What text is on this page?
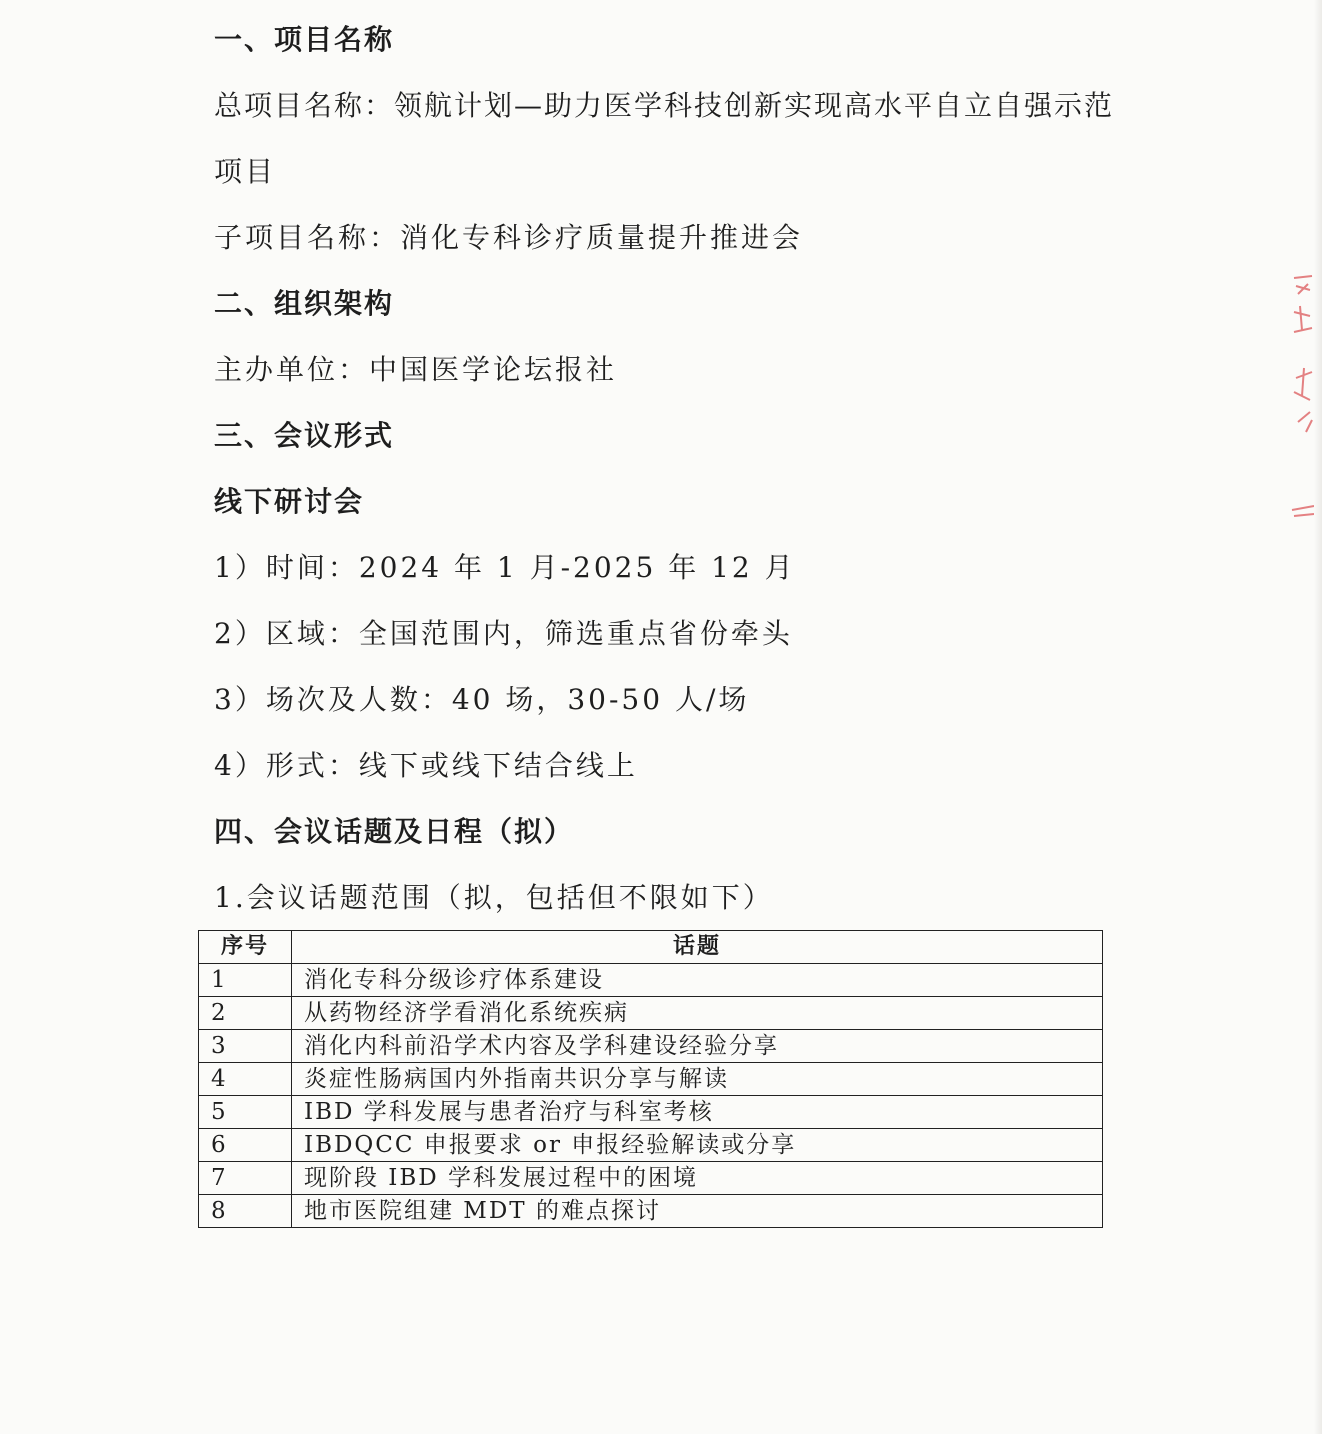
一、项目名称
总项目名称：领航计划—助力医学科技创新实现高水平自立自强示范
项目
子项目名称：消化专科诊疗质量提升推进会
二、组织架构
主办单位：中国医学论坛报社
三、会议形式
线下研讨会
1）时间：2024 年 1 月-2025 年 12 月
2）区域：全国范围内，筛选重点省份牵头
3）场次及人数：40 场，30-50 人/场
4）形式：线下或线下结合线上
四、会议话题及日程（拟）
1.会议话题范围（拟，包括但不限如下）
序号	话题
1	消化专科分级诊疗体系建设
2	从药物经济学看消化系统疾病
3	消化内科前沿学术内容及学科建设经验分享
4	炎症性肠病国内外指南共识分享与解读
5	IBD 学科发展与患者治疗与科室考核
6	IBDQCC 申报要求 or 申报经验解读或分享
7	现阶段 IBD 学科发展过程中的困境
8	地市医院组建 MDT 的难点探讨
